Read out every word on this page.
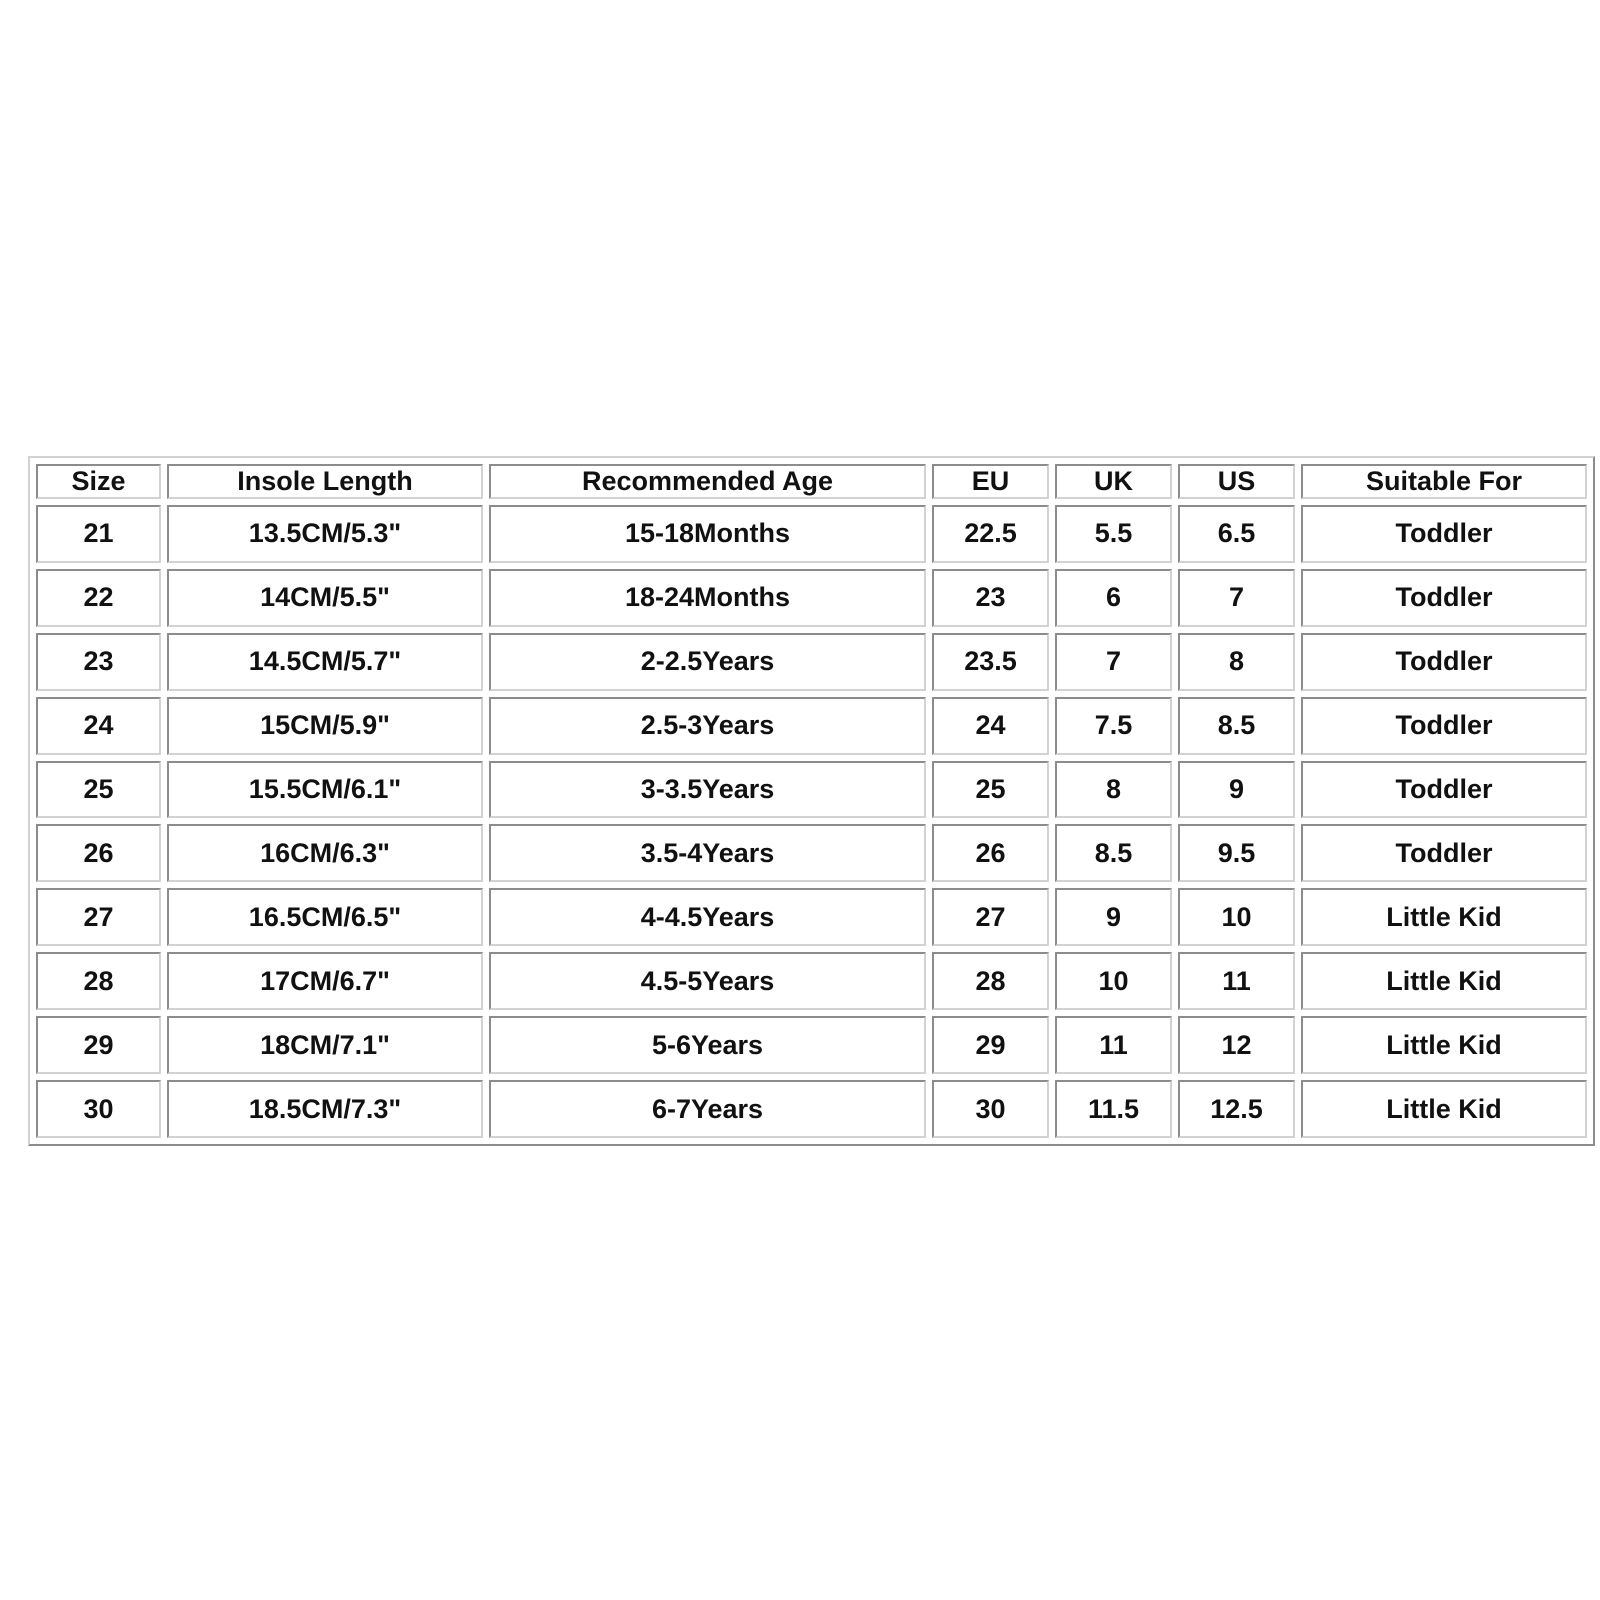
Size	Insole Length	Recommended Age	EU	UK	US	Suitable For
21	13.5CM/5.3"	15-18Months	22.5	5.5	6.5	Toddler
22	14CM/5.5"	18-24Months	23	6	7	Toddler
23	14.5CM/5.7"	2-2.5Years	23.5	7	8	Toddler
24	15CM/5.9"	2.5-3Years	24	7.5	8.5	Toddler
25	15.5CM/6.1"	3-3.5Years	25	8	9	Toddler
26	16CM/6.3"	3.5-4Years	26	8.5	9.5	Toddler
27	16.5CM/6.5"	4-4.5Years	27	9	10	Little Kid
28	17CM/6.7"	4.5-5Years	28	10	11	Little Kid
29	18CM/7.1"	5-6Years	29	11	12	Little Kid
30	18.5CM/7.3"	6-7Years	30	11.5	12.5	Little Kid
